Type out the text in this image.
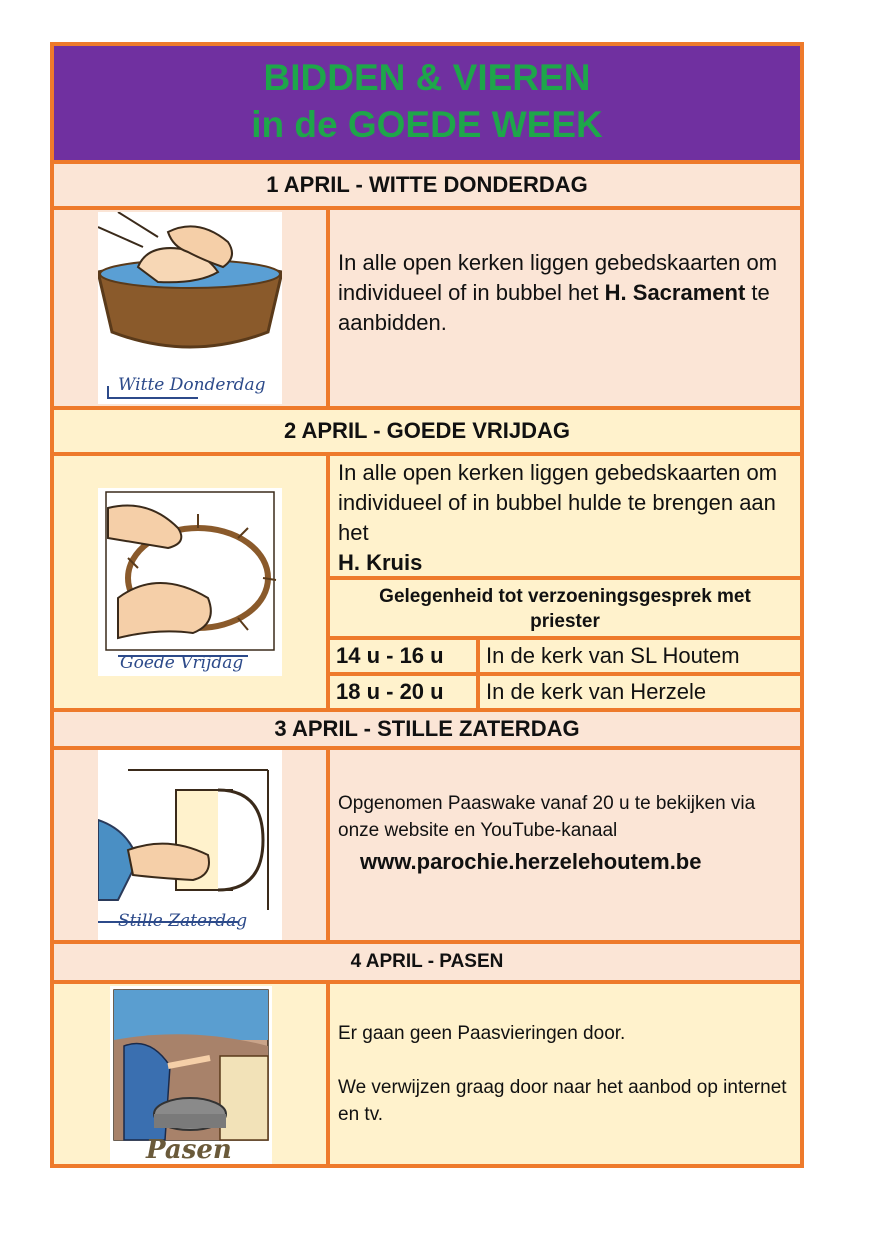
BIDDEN & VIEREN
in de GOEDE WEEK
1 APRIL - WITTE DONDERDAG
Witte Donderdag
In alle open kerken liggen gebedskaarten om individueel of in bubbel het H. Sacrament te aanbidden.
2 APRIL - GOEDE VRIJDAG
Goede Vrijdag
In alle open kerken liggen gebedskaarten om individueel of in bubbel hulde te brengen aan het
H. Kruis
Gelegenheid tot verzoeningsgesprek met priester
14 u - 16 u	In de kerk van SL Houtem
18 u - 20 u	In de kerk van Herzele
3 APRIL - STILLE ZATERDAG
Stille Zaterdag
Opgenomen Paaswake vanaf 20 u te bekijken via onze website en YouTube-kanaal
www.parochie.herzelehoutem.be
4 APRIL - PASEN
Pasen
Er gaan geen Paasvieringen door.
We verwijzen graag door naar het aanbod op internet en tv.
